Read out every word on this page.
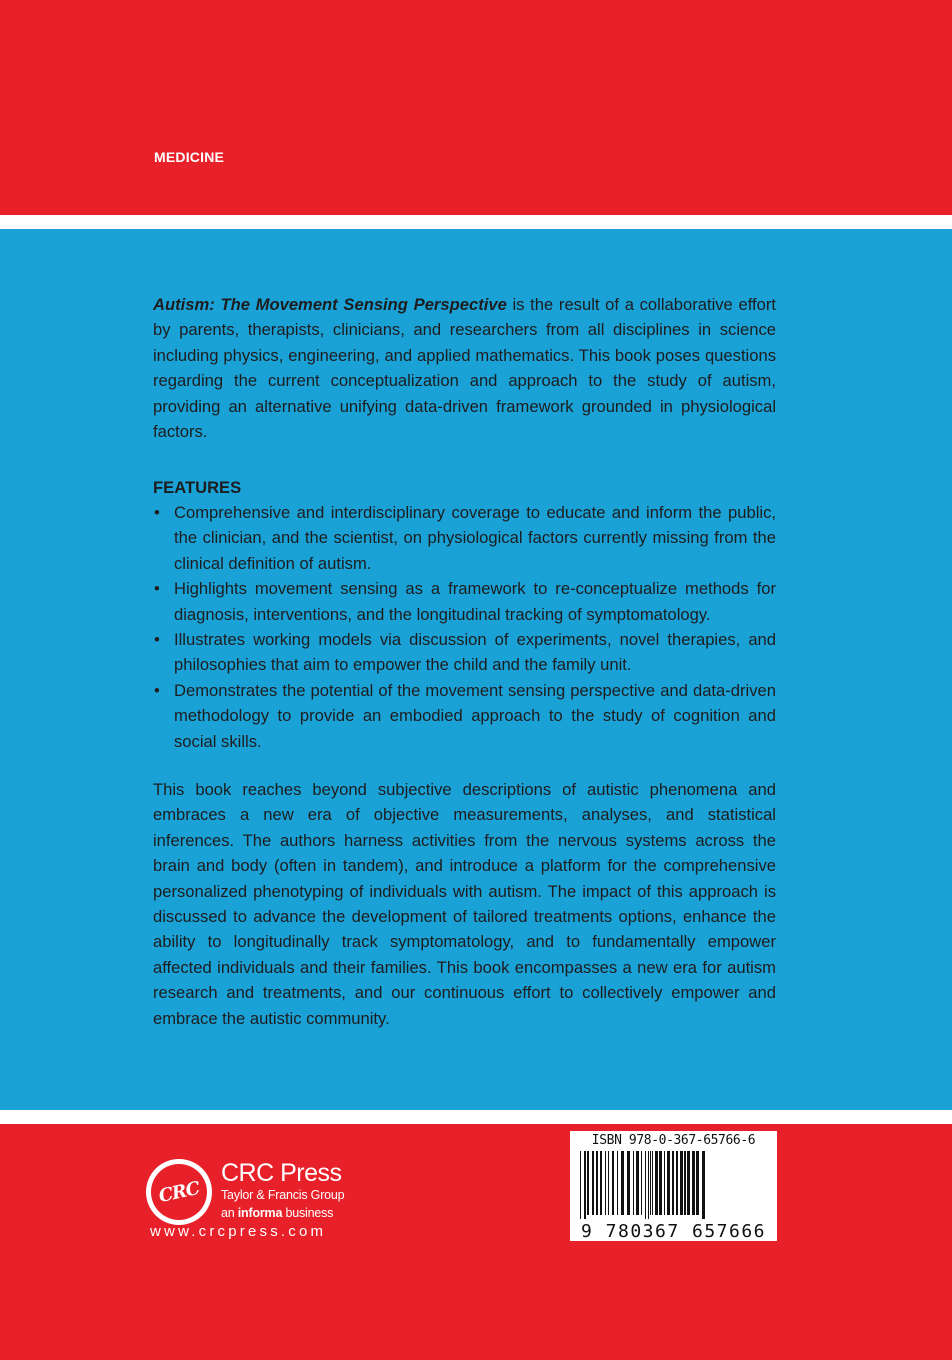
MEDICINE
Autism: The Movement Sensing Perspective is the result of a collaborative effort by parents, therapists, clinicians, and researchers from all disciplines in science including physics, engineering, and applied mathematics. This book poses questions regarding the current conceptualization and approach to the study of autism, providing an alternative unifying data-driven framework grounded in physiological factors.
FEATURES
• Comprehensive and interdisciplinary coverage to educate and inform the public, the clinician, and the scientist, on physiological factors currently missing from the clinical definition of autism.
• Highlights movement sensing as a framework to re-conceptualize methods for diagnosis, interventions, and the longitudinal tracking of symptomatology.
• Illustrates working models via discussion of experiments, novel therapies, and philosophies that aim to empower the child and the family unit.
• Demonstrates the potential of the movement sensing perspective and data-driven methodology to provide an embodied approach to the study of cognition and social skills.
This book reaches beyond subjective descriptions of autistic phenomena and embraces a new era of objective measurements, analyses, and statistical inferences. The authors harness activities from the nervous systems across the brain and body (often in tandem), and introduce a platform for the comprehensive personalized phenotyping of individuals with autism. The impact of this approach is discussed to advance the development of tailored treatments options, enhance the ability to longitudinally track symptomatology, and to fundamentally empower affected individuals and their families. This book encompasses a new era for autism research and treatments, and our continuous effort to collectively empower and embrace the autistic community.
CRC
CRC Press
Taylor & Francis Group
an informa business
www.crcpress.com
ISBN 978-0-367-65766-6
9 780367 657666
